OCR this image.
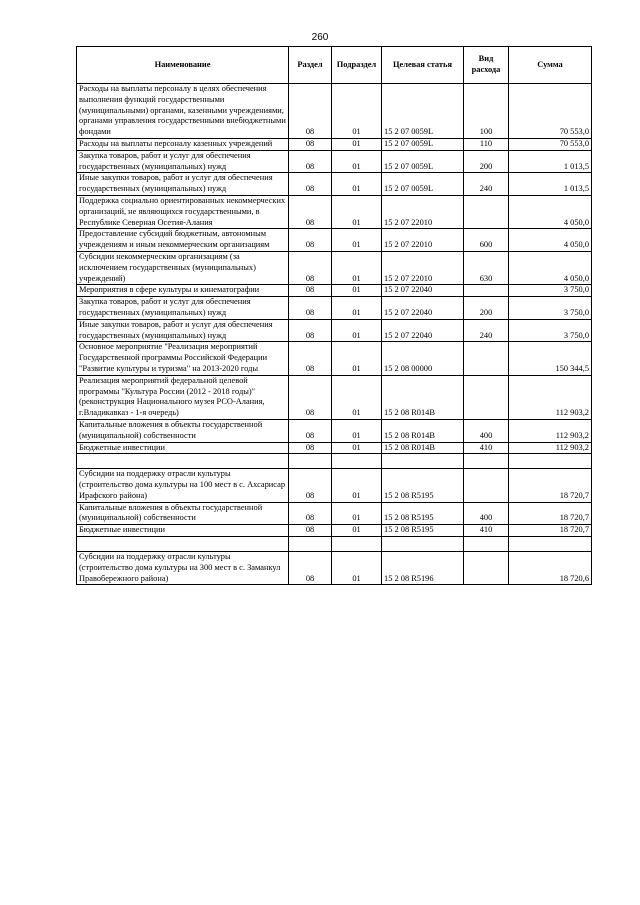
260
Наименование	Раздел	Подраздел	Целевая статья	Вид расхода	Сумма
Расходы на выплаты персоналу в целях обеспечения выполнения функций государственными (муниципальными) органами, казенными учреждениями, органами управления государственными внебюджетными фондами	08	01	15 2 07 0059L	100	70 553,0
Расходы на выплаты персоналу казенных учреждений	08	01	15 2 07 0059L	110	70 553,0
Закупка товаров, работ и услуг для обеспечения государственных (муниципальных) нужд	08	01	15 2 07 0059L	200	1 013,5
Иные закупки товаров, работ и услуг для обеспечения государственных (муниципальных) нужд	08	01	15 2 07 0059L	240	1 013,5
Поддержка социально ориентированных некоммерческих организаций, не являющихся государственными, в Республике Северная Осетия-Алания	08	01	15 2 07 22010		4 050,0
Предоставление субсидий бюджетным, автономным учреждениям и иным некоммерческим организациям	08	01	15 2 07 22010	600	4 050,0
Субсидии некоммерческим организациям (за исключением государственных (муниципальных) учреждений)	08	01	15 2 07 22010	630	4 050,0
Мероприятия в сфере культуры и кинематографии	08	01	15 2 07 22040		3 750,0
Закупка товаров, работ и услуг для обеспечения государственных (муниципальных) нужд	08	01	15 2 07 22040	200	3 750,0
Иные закупки товаров, работ и услуг для обеспечения государственных (муниципальных) нужд	08	01	15 2 07 22040	240	3 750,0
Основное мероприятие "Реализация мероприятий Государственной программы Российской Федерации "Развитие культуры и туризма" на 2013-2020 годы	08	01	15 2 08 00000		150 344,5
Реализация мероприятий федеральной целевой программы "Культура России (2012 - 2018 годы)" (реконструкция Национального музея РСО-Алания, г.Владикавказ - 1-я очередь)	08	01	15 2 08 R014В		112 903,2
Капитальные вложения в объекты государственной (муниципальной) собственности	08	01	15 2 08 R014В	400	112 903,2
Бюджетные инвестиции	08	01	15 2 08 R014В	410	112 903,2

Субсидии на поддержку отрасли культуры (строительство дома культуры на 100 мест в с. Ахсарисар Ирафского района)	08	01	15 2 08 R5195		18 720,7
Капитальные вложения в объекты государственной (муниципальной) собственности	08	01	15 2 08 R5195	400	18 720,7
Бюджетные инвестиции	08	01	15 2 08 R5195	410	18 720,7

Субсидии на поддержку отрасли культуры (строительство дома культуры на 300 мест в с. Заманкул Правобережного района)	08	01	15 2 08 R5196		18 720,6
